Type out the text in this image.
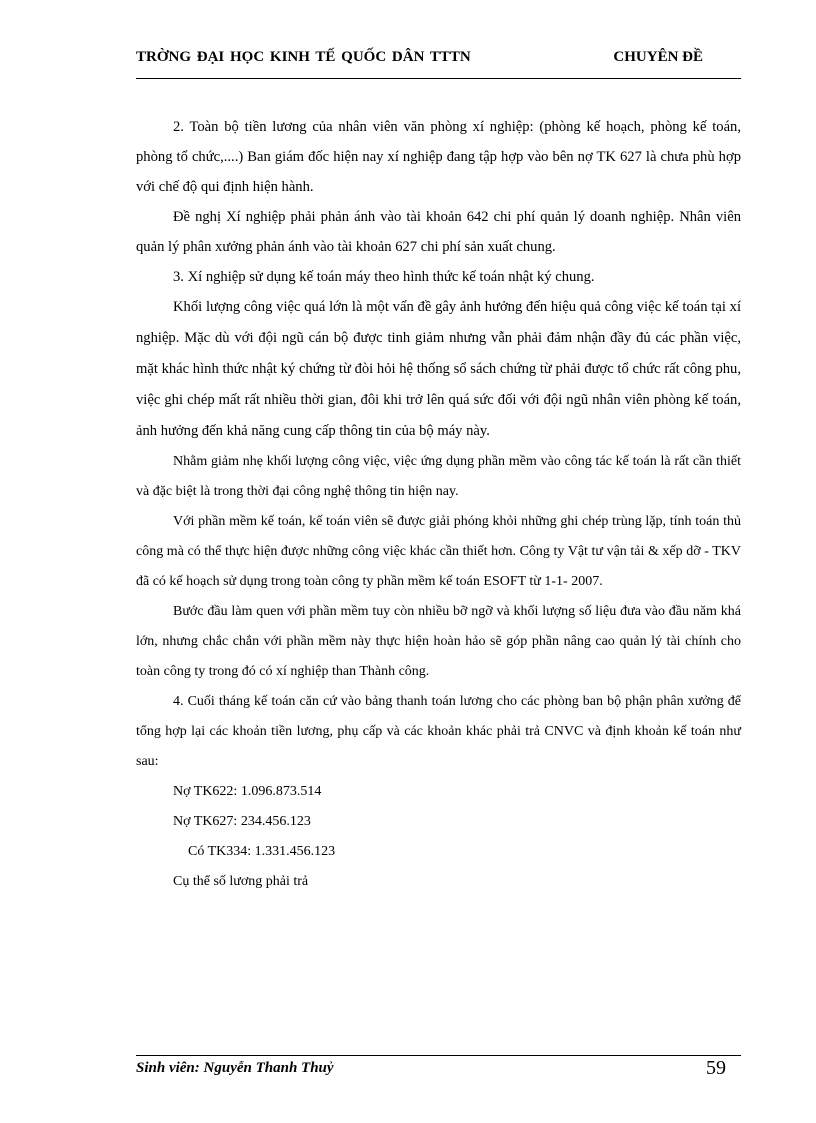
TRỜNG ĐẠI HỌC KINH TẾ QUỐC DÂN TTTN	CHUYÊN ĐỀ

2. Toàn bộ tiền lương của nhân viên văn phòng xí nghiệp: (phòng kế hoạch, phòng kế toán, phòng tổ chức,....) Ban giám đốc hiện nay xí nghiệp đang tập hợp vào bên nợ TK 627 là chưa phù hợp với chế độ qui định hiện hành.

Đề nghị Xí nghiệp phải phản ánh vào tài khoản 642 chi phí quản lý doanh nghiệp. Nhân viên quản lý phân xưởng phản ánh vào tài khoản 627 chi phí sản xuất chung.

3. Xí nghiệp sử dụng kế toán máy theo hình thức kế toán nhật ký chung.

Khối lượng công việc quá lớn là một vấn đề gây ảnh hưởng đến hiệu quả công việc kế toán tại xí nghiệp. Mặc dù với đội ngũ cán bộ được tinh giảm nhưng vẫn phải đảm nhận đầy đủ các phần việc, mặt khác hình thức nhật ký chứng từ đòi hỏi hệ thống sổ sách chứng từ phải được tổ chức rất công phu, việc ghi chép mất rất nhiều thời gian, đôi khi trở lên quá sức đối với đội ngũ nhân viên phòng kế toán, ảnh hưởng đến khả năng cung cấp thông tin của bộ máy này.

Nhằm giảm nhẹ khối lượng công việc, việc ứng dụng phần mềm vào công tác kế toán là rất cần thiết và đặc biệt là trong thời đại công nghệ thông tin hiện nay.

Với phần mềm kế toán, kế toán viên sẽ được giải phóng khỏi những ghi chép trùng lặp, tính toán thủ công mà có thể thực hiện được những công việc khác cần thiết hơn. Công ty Vật tư vận tải & xếp dỡ - TKV đã có kế hoạch sử dụng trong toàn công ty phần mềm kế toán ESOFT từ 1-1- 2007.

Bước đầu làm quen với phần mềm tuy còn nhiều bỡ ngỡ và khối lượng số liệu đưa vào đầu năm khá lớn, nhưng chắc chắn với phần mềm này thực hiện hoàn hảo sẽ góp phần nâng cao quản lý tài chính cho toàn công ty trong đó có xí nghiệp than Thành công.

4. Cuối tháng kế toán căn cứ vào bảng thanh toán lương cho các phòng ban bộ phận phân xưởng để tổng hợp lại các khoản tiền lương, phụ cấp và các khoản khác phải trả CNVC và định khoản kế toán như sau:

Nợ TK622: 1.096.873.514

Nợ TK627: 234.456.123

Có TK334: 1.331.456.123

Cụ thể số lương phải trả

Sinh viên: Nguyễn Thanh Thuỷ	59
